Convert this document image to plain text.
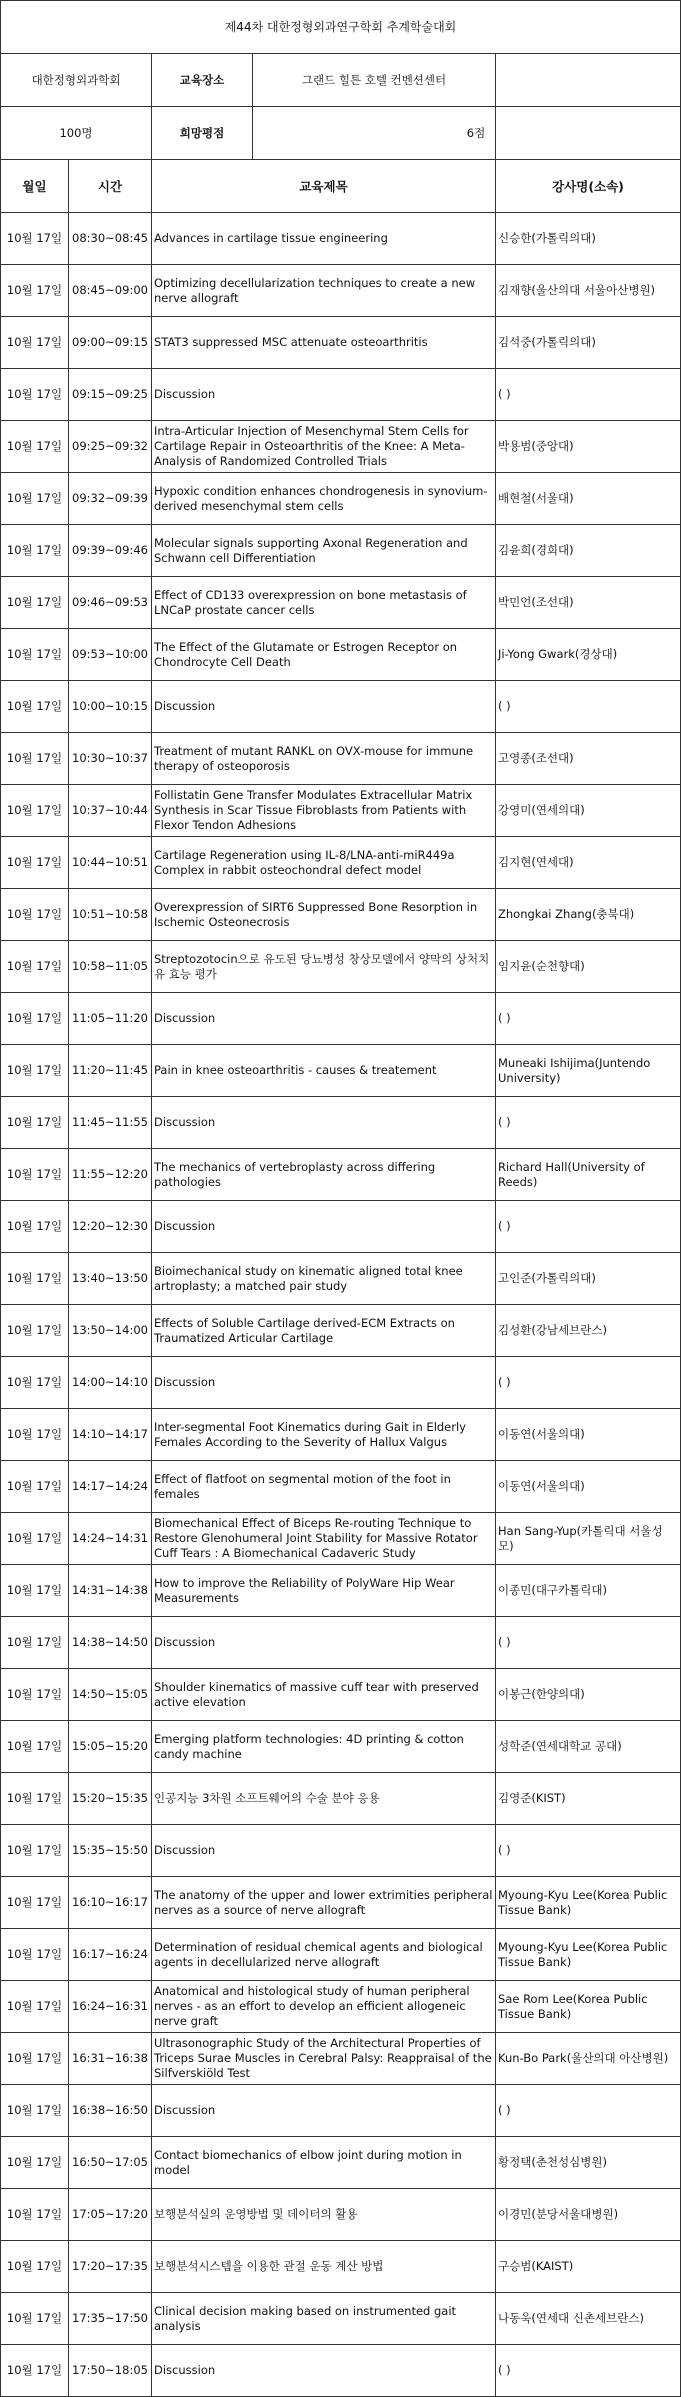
제44차 대한정형외과연구학회 추계학술대회			
대한정형외과학회		교육장소 그랜드 힐튼 호텔 컨벤션센터	

100명		희망평점	6점
월일	시간	교육제목	강사명(소속)
10월 17일	08:30~08:45	Advances in cartilage tissue engineering	신승한(가톨릭의대)
10월 17일	08:45~09:00	Optimizing decellularization techniques to create a new nerve allograft	김재향(울산의대 서울아산병원)
10월 17일	09:00~09:15	STAT3 suppressed MSC attenuate osteoarthritis	김석중(가톨릭의대)
10월 17일	09:15~09:25	Discussion	( )
10월 17일	09:25~09:32	Intra-Articular Injection of Mesenchymal Stem Cells for Cartilage Repair in Osteoarthritis of the Knee: A Meta-Analysis of Randomized Controlled Trials	박용범(중앙대)
10월 17일	09:32~09:39	Hypoxic condition enhances chondrogenesis in synovium-derived mesenchymal stem cells	배현철(서울대)
10월 17일	09:39~09:46	Molecular signals supporting Axonal Regeneration and Schwann cell Differentiation	김윤희(경희대)
10월 17일	09:46~09:53	Effect of CD133 overexpression on bone metastasis of LNCaP prostate cancer cells	박민언(조선대)
10월 17일	09:53~10:00	The Effect of the Glutamate or Estrogen Receptor on Chondrocyte Cell Death	Ji-Yong Gwark(경상대)
10월 17일	10:00~10:15	Discussion	( )
10월 17일	10:30~10:37	Treatment of mutant RANKL on OVX-mouse for immune therapy of osteoporosis	고영종(조선대)
10월 17일	10:37~10:44	Follistatin Gene Transfer Modulates Extracellular Matrix Synthesis in Scar Tissue Fibroblasts from Patients with Flexor Tendon Adhesions	강영미(연세의대)
10월 17일	10:44~10:51	Cartilage Regeneration using IL-8/LNA-anti-miR449a Complex in rabbit osteochondral defect model	김지현(연세대)
10월 17일	10:51~10:58	Overexpression of SIRT6 Suppressed Bone Resorption in Ischemic Osteonecrosis	Zhongkai Zhang(충북대)
10월 17일	10:58~11:05	Streptozotocin으로 유도된 당뇨병성 창상모델에서 양막의 상처치유 효능 평가	임지윤(순천향대)
10월 17일	11:05~11:20	Discussion	( )
10월 17일	11:20~11:45	Pain in knee osteoarthritis - causes & treatement	Muneaki Ishijima(Juntendo University)
10월 17일	11:45~11:55	Discussion	( )
10월 17일	11:55~12:20	The mechanics of vertebroplasty across differing pathologies	Richard Hall(University of Reeds)
10월 17일	12:20~12:30	Discussion	( )
10월 17일	13:40~13:50	Bioimechanical study on kinematic aligned total knee artroplasty; a matched pair study	고인준(가톨릭의대)
10월 17일	13:50~14:00	Effects of Soluble Cartilage derived-ECM Extracts on Traumatized Articular Cartilage	김성환(강남세브란스)
10월 17일	14:00~14:10	Discussion	( )
10월 17일	14:10~14:17	Inter-segmental Foot Kinematics during Gait in Elderly Females According to the Severity of Hallux Valgus	이동연(서울의대)
10월 17일	14:17~14:24	Effect of flatfoot on segmental motion of the foot in females	이동연(서울의대)
10월 17일	14:24~14:31	Biomechanical Effect of Biceps Re-routing Technique to Restore Glenohumeral Joint Stability for Massive Rotator Cuff Tears : A Biomechanical Cadaveric Study	Han Sang-Yup(카톨릭대 서울성모)
10월 17일	14:31~14:38	How to improve the Reliability of PolyWare Hip Wear Measurements	이종민(대구카톨릭대)
10월 17일	14:38~14:50	Discussion	( )
10월 17일	14:50~15:05	Shoulder kinematics of massive cuff tear with preserved active elevation	이봉근(한양의대)
10월 17일	15:05~15:20	Emerging platform technologies: 4D printing & cotton candy machine	성학준(연세대학교 공대)
10월 17일	15:20~15:35	인공지능 3차원 소프트웨어의 수술 분야 응용	김영준(KIST)
10월 17일	15:35~15:50	Discussion	( )
10월 17일	16:10~16:17	The anatomy of the upper and lower extrimities peripheral nerves as a source of nerve allograft	Myoung-Kyu Lee(Korea Public Tissue Bank)
10월 17일	16:17~16:24	Determination of residual chemical agents and biological agents in decellularized nerve allograft	Myoung-Kyu Lee(Korea Public Tissue Bank)
10월 17일	16:24~16:31	Anatomical and histological study of human peripheral nerves - as an effort to develop an efficient allogeneic nerve graft	Sae Rom Lee(Korea Public Tissue Bank)
10월 17일	16:31~16:38	Ultrasonographic Study of the Architectural Properties of Triceps Surae Muscles in Cerebral Palsy: Reappraisal of the Silfverskiöld Test	Kun-Bo Park(울산의대 아산병원)
10월 17일	16:38~16:50	Discussion	( )
10월 17일	16:50~17:05	Contact biomechanics of elbow joint during motion in model	황정택(춘천성심병원)
10월 17일	17:05~17:20	보행분석실의 운영방법 및 데이터의 활용	이경민(분당서울대병원)
10월 17일	17:20~17:35	보행분석시스템을 이용한 관절 운동 계산 방법	구승범(KAIST)
10월 17일	17:35~17:50	Clinical decision making based on instrumented gait analysis	나동욱(연세대 신촌세브란스)
10월 17일	17:50~18:05	Discussion	( )
